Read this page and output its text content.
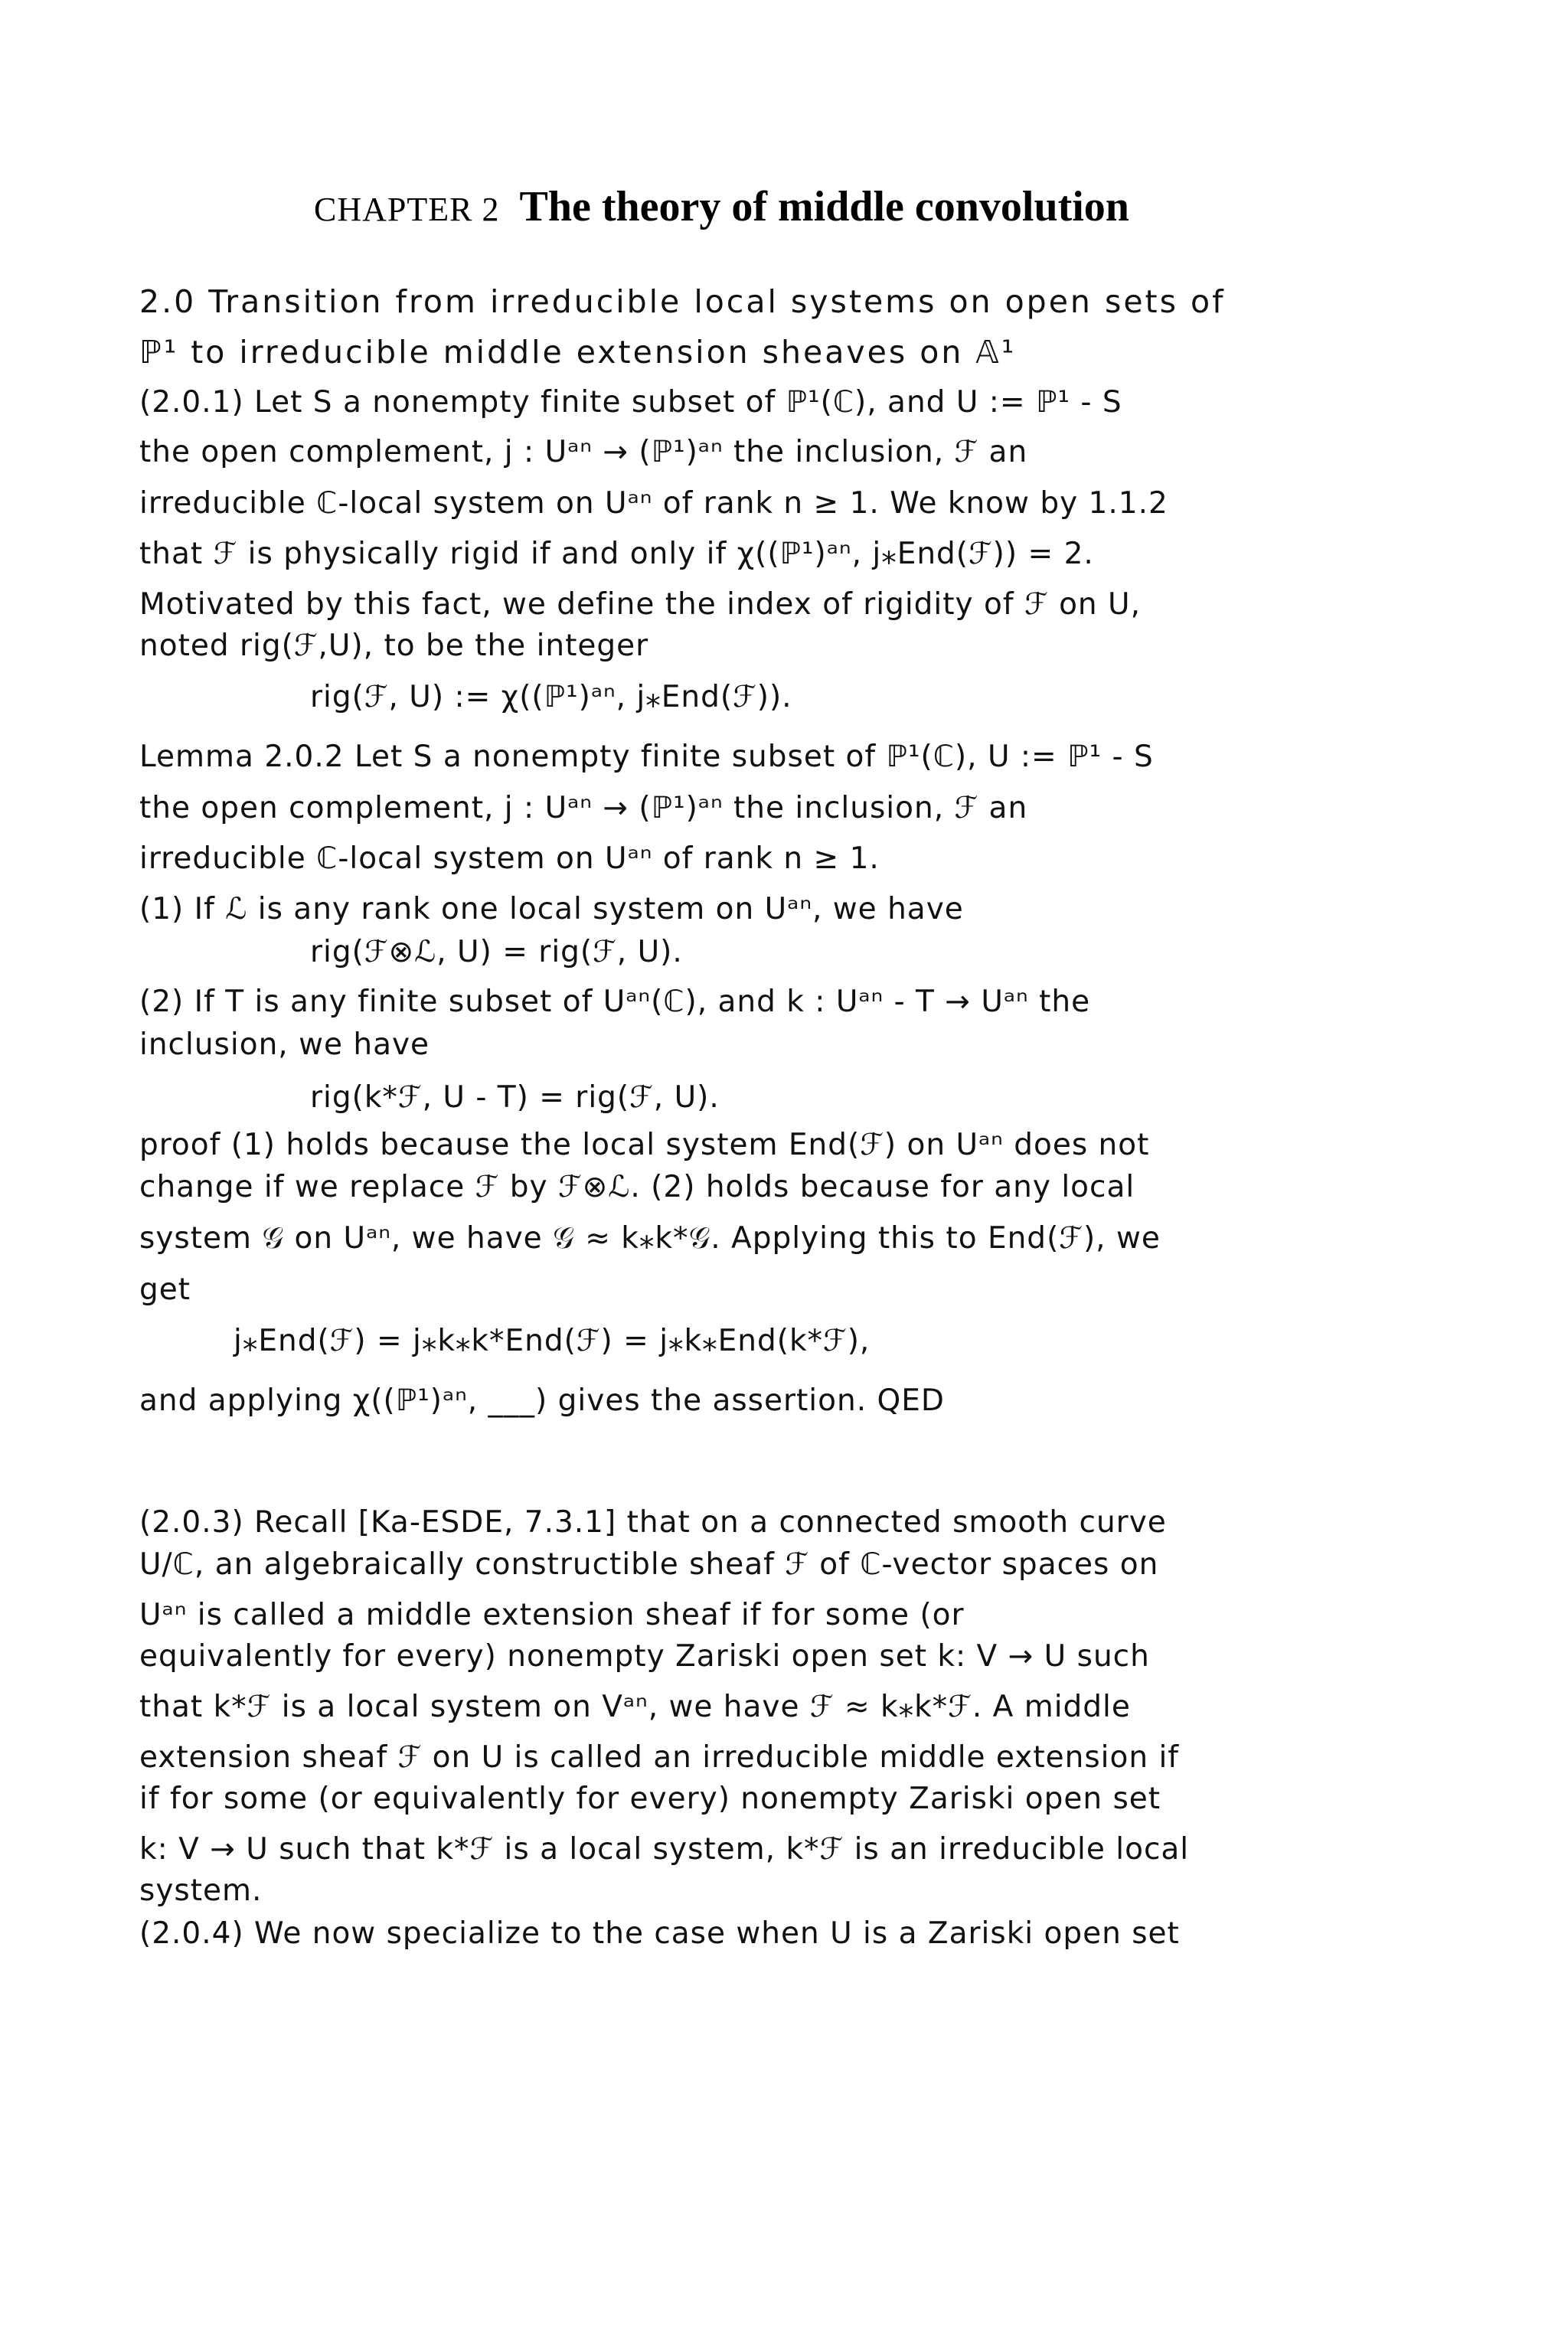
CHAPTER 2 The theory of middle convolution
2.0 Transition from irreducible local systems on open sets of
ℙ¹ to irreducible middle extension sheaves on 𝔸¹
(2.0.1) Let S a nonempty finite subset of ℙ¹(ℂ), and U := ℙ¹ - S
the open complement, j : Uᵃⁿ → (ℙ¹)ᵃⁿ the inclusion, ℱ an
irreducible ℂ-local system on Uᵃⁿ of rank n ≥ 1. We know by 1.1.2
that ℱ is physically rigid if and only if χ((ℙ¹)ᵃⁿ, j⁎End(ℱ)) = 2.
Motivated by this fact, we define the index of rigidity of ℱ on U,
noted rig(ℱ,U), to be the integer
rig(ℱ, U) := χ((ℙ¹)ᵃⁿ, j⁎End(ℱ)).
Lemma 2.0.2 Let S a nonempty finite subset of ℙ¹(ℂ), U := ℙ¹ - S
the open complement, j : Uᵃⁿ → (ℙ¹)ᵃⁿ the inclusion, ℱ an
irreducible ℂ-local system on Uᵃⁿ of rank n ≥ 1.
(1) If ℒ is any rank one local system on Uᵃⁿ, we have
rig(ℱ⊗ℒ, U) = rig(ℱ, U).
(2) If T is any finite subset of Uᵃⁿ(ℂ), and k : Uᵃⁿ - T → Uᵃⁿ the
inclusion, we have
rig(k*ℱ, U - T) = rig(ℱ, U).
proof (1) holds because the local system End(ℱ) on Uᵃⁿ does not
change if we replace ℱ by ℱ⊗ℒ. (2) holds because for any local
system 𝒢 on Uᵃⁿ, we have 𝒢 ≈ k⁎k*𝒢. Applying this to End(ℱ), we
get
j⁎End(ℱ) = j⁎k⁎k*End(ℱ) = j⁎k⁎End(k*ℱ),
and applying χ((ℙ¹)ᵃⁿ, ___) gives the assertion. QED
(2.0.3) Recall [Ka-ESDE, 7.3.1] that on a connected smooth curve
U/ℂ, an algebraically constructible sheaf ℱ of ℂ-vector spaces on
Uᵃⁿ is called a middle extension sheaf if for some (or
equivalently for every) nonempty Zariski open set k: V → U such
that k*ℱ is a local system on Vᵃⁿ, we have ℱ ≈ k⁎k*ℱ. A middle
extension sheaf ℱ on U is called an irreducible middle extension if
if for some (or equivalently for every) nonempty Zariski open set
k: V → U such that k*ℱ is a local system, k*ℱ is an irreducible local
system.
(2.0.4) We now specialize to the case when U is a Zariski open set
